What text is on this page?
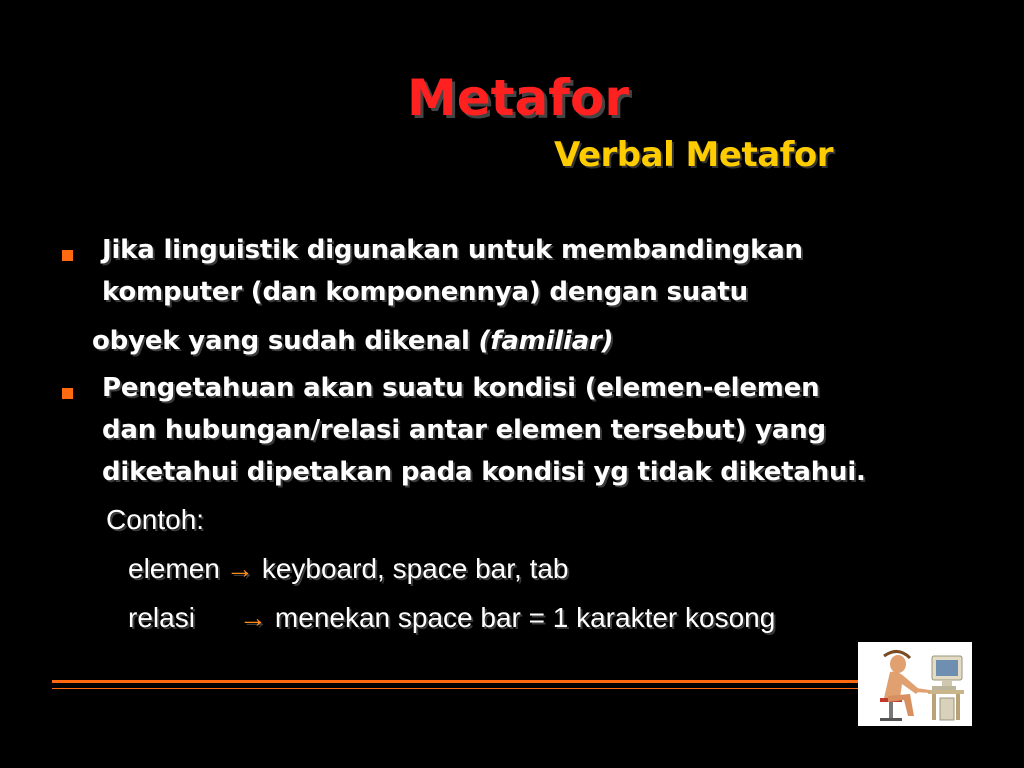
Metafor
Verbal Metafor
Jika linguistik digunakan untuk membandingkan
komputer (dan komponennya) dengan suatu
obyek yang sudah dikenal (familiar)
Pengetahuan akan suatu kondisi (elemen-elemen
dan hubungan/relasi antar elemen tersebut) yang
diketahui dipetakan pada kondisi yg tidak diketahui.
Contoh:
elemen → keyboard, space bar, tab
relasi → menekan space bar = 1 karakter kosong
